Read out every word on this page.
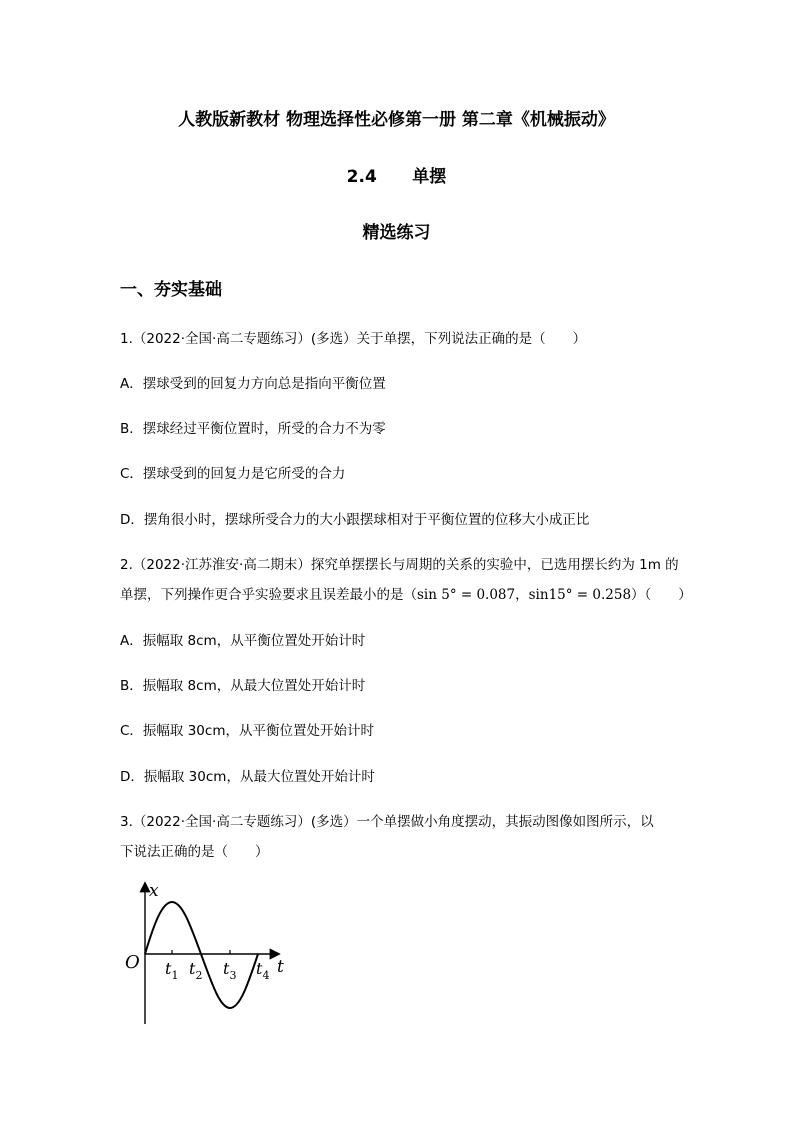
人教版新教材 物理选择性必修第一册 第二章《机械振动》
2.4      单摆
精选练习
一、夯实基础
1.（2022·全国·高二专题练习）(多选）关于单摆，下列说法正确的是（　　）
A．摆球受到的回复力方向总是指向平衡位置
B．摆球经过平衡位置时，所受的合力不为零
C．摆球受到的回复力是它所受的合力
D．摆角很小时，摆球所受合力的大小跟摆球相对于平衡位置的位移大小成正比
2.（2022·江苏淮安·高二期末）探究单摆摆长与周期的关系的实验中，已选用摆长约为 1m 的
单摆，下列操作更合乎实验要求且误差最小的是（sin 5° = 0.087，sin15° = 0.258）（　　）
A．振幅取 8cm，从平衡位置处开始计时
B．振幅取 8cm，从最大位置处开始计时
C．振幅取 30cm，从平衡位置处开始计时
D．振幅取 30cm，从最大位置处开始计时
3.（2022·全国·高二专题练习）(多选）一个单摆做小角度摆动，其振动图像如图所示，以
下说法正确的是（　　）
O
x
t
$t_1$ $t_2$ $t_3$ $t_4$
